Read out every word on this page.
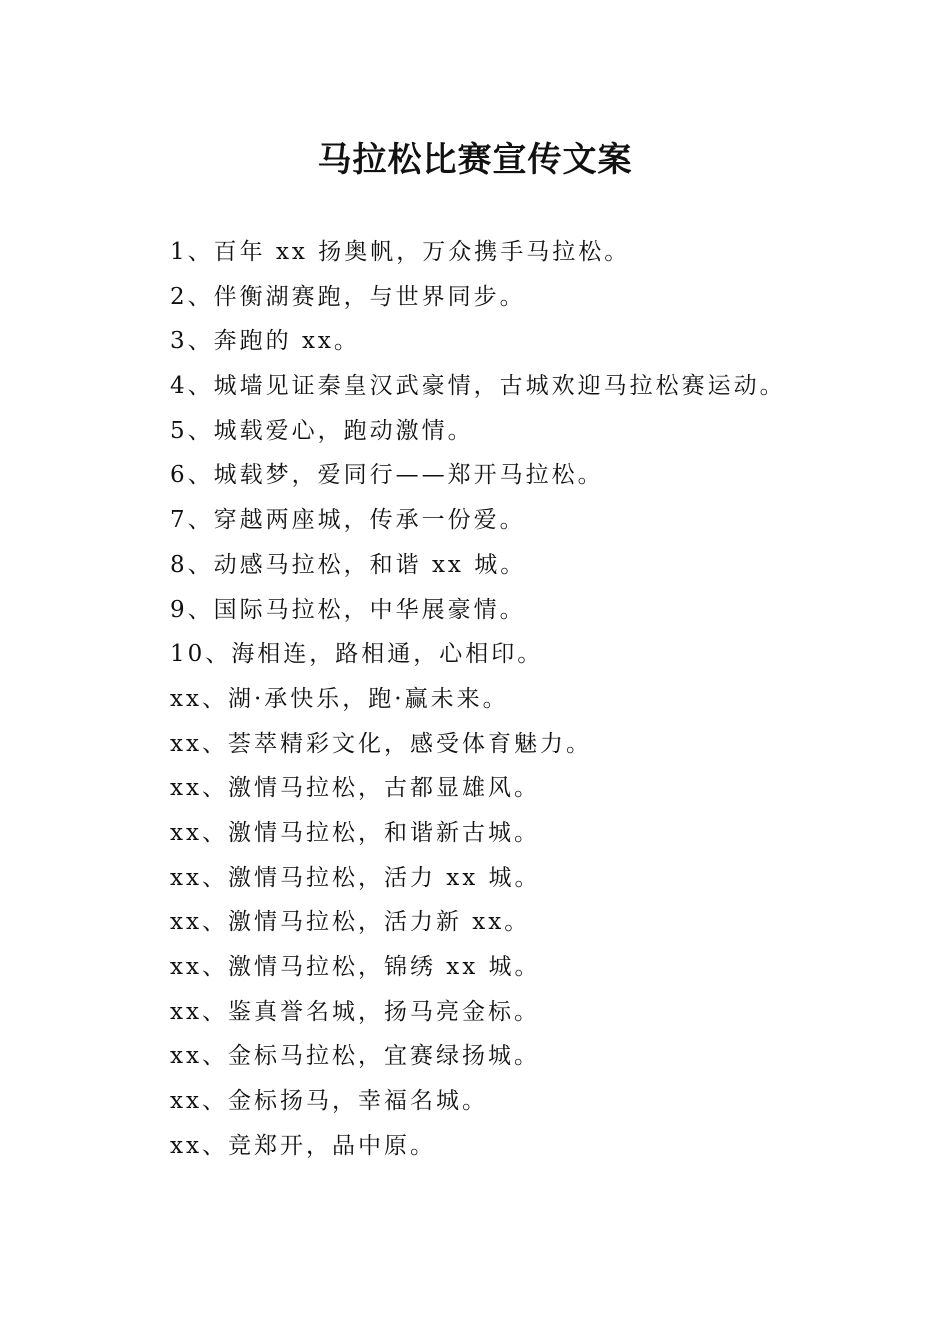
马拉松比赛宣传文案
1、百年 xx 扬奥帆，万众携手马拉松。
2、伴衡湖赛跑，与世界同步。
3、奔跑的 xx。
4、城墙见证秦皇汉武豪情，古城欢迎马拉松赛运动。
5、城载爱心，跑动激情。
6、城载梦，爱同行——郑开马拉松。
7、穿越两座城，传承一份爱。
8、动感马拉松，和谐 xx 城。
9、国际马拉松，中华展豪情。
10、海相连，路相通，心相印。
xx、湖·承快乐，跑·赢未来。
xx、荟萃精彩文化，感受体育魅力。
xx、激情马拉松，古都显雄风。
xx、激情马拉松，和谐新古城。
xx、激情马拉松，活力 xx 城。
xx、激情马拉松，活力新 xx。
xx、激情马拉松，锦绣 xx 城。
xx、鉴真誉名城，扬马亮金标。
xx、金标马拉松，宜赛绿扬城。
xx、金标扬马，幸福名城。
xx、竞郑开，品中原。
